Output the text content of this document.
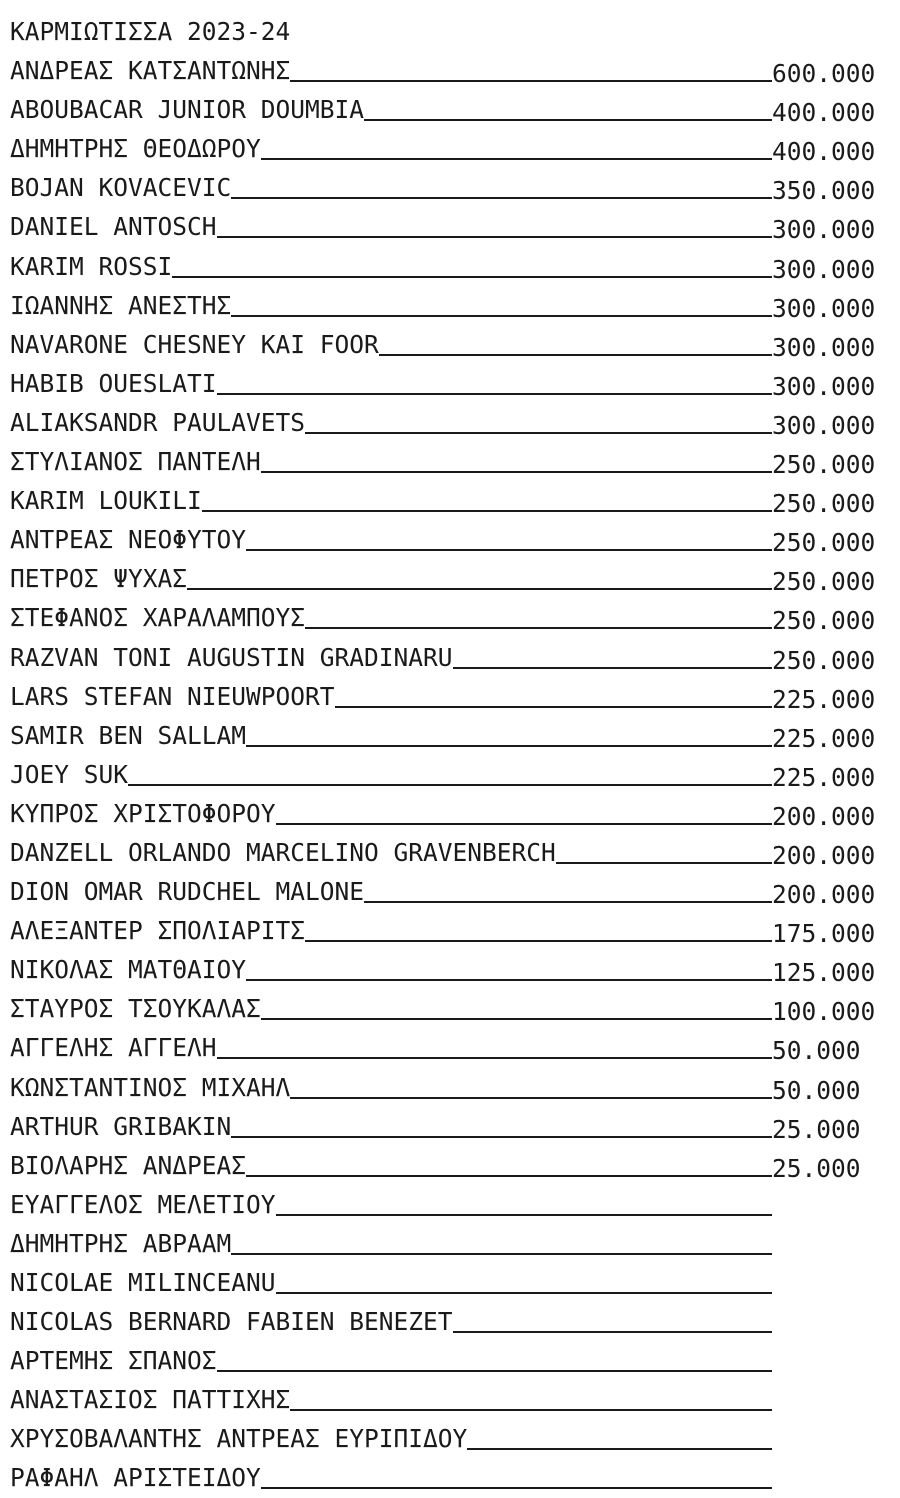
ΚΑΡΜΙΩΤΙΣΣΑ 2023-24
ΑΝΔΡΕΑΣ ΚΑΤΣΑΝΤΩΝΗΣ	600.000
ABOUBACAR JUNIOR DOUMBIA	400.000
ΔΗΜΗΤΡΗΣ ΘΕΟΔΩΡΟΥ	400.000
BOJAN KOVACEVIC	350.000
DANIEL ANTOSCH	300.000
KARIM ROSSI	300.000
ΙΩΑΝΝΗΣ ΑΝΕΣΤΗΣ	300.000
NAVARONE CHESNEY ΚΑΙ FOOR	300.000
HABIB OUESLATI	300.000
ALIAKSANDR PAULAVETS	300.000
ΣΤΥΛΙΑΝΟΣ ΠΑΝΤΕΛΗ	250.000
KARIM LOUKILI	250.000
ΑΝΤΡΕΑΣ ΝΕΟΦΥΤΟΥ	250.000
ΠΕΤΡΟΣ ΨΥΧΑΣ	250.000
ΣΤΕΦΑΝΟΣ ΧΑΡΑΛΑΜΠΟΥΣ	250.000
RAZVAN TONI AUGUSTIN GRADINARU	250.000
LARS STEFAN NIEUWPOORT	225.000
SAMIR BEN SALLAM	225.000
JOEY SUK	225.000
ΚΥΠΡΟΣ ΧΡΙΣΤΟΦΟΡΟΥ	200.000
DANZELL ORLANDO MARCELINO GRAVENBERCH	200.000
DION OMAR RUDCHEL MALONE	200.000
ΑΛΕΞΑΝΤΕΡ ΣΠΟΛΙΑΡΙΤΣ	175.000
ΝΙΚΟΛΑΣ ΜΑΤΘΑΙΟΥ	125.000
ΣΤΑΥΡΟΣ ΤΣΟΥΚΑΛΑΣ	100.000
ΑΓΓΕΛΗΣ ΑΓΓΕΛΗ	50.000
ΚΩΝΣΤΑΝΤΙΝΟΣ ΜΙΧΑΗΛ	50.000
ARTHUR GRIBAKIN	25.000
ΒΙΟΛΑΡΗΣ ΑΝΔΡΕΑΣ	25.000
ΕΥΑΓΓΕΛΟΣ ΜΕΛΕΤΙΟΥ
ΔΗΜΗΤΡΗΣ ΑΒΡΑΑΜ
NICOLAE MILINCEANU
NICOLAS BERNARD FABIEN BENEZET
ΑΡΤΕΜΗΣ ΣΠΑΝΟΣ
ΑΝΑΣΤΑΣΙΟΣ ΠΑΤΤΙΧΗΣ
ΧΡΥΣΟΒΑΛΑΝΤΗΣ ΑΝΤΡΕΑΣ ΕΥΡΙΠΙΔΟΥ
ΡΑΦΑΗΛ ΑΡΙΣΤΕΙΔΟΥ
